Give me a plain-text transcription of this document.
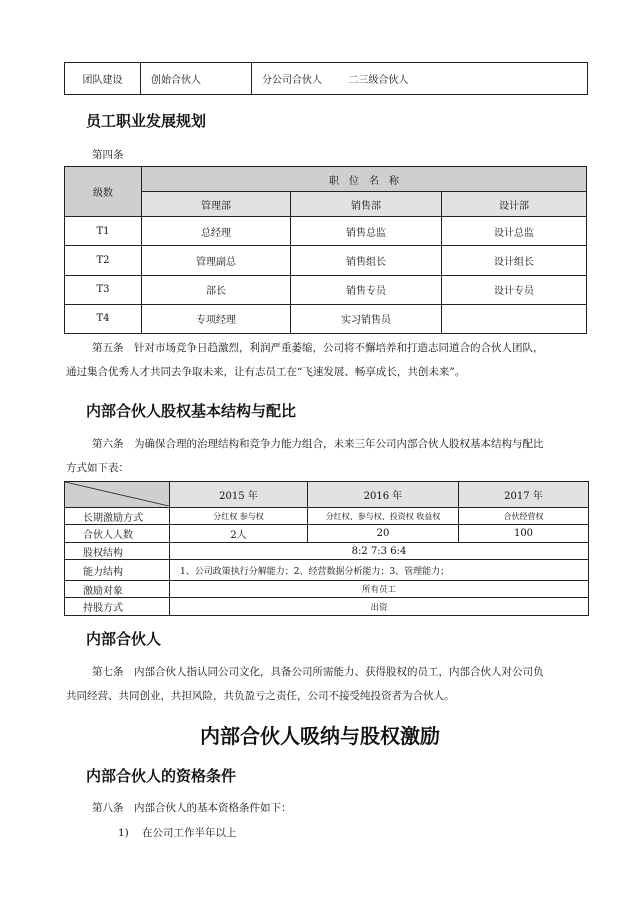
团队建设	创始合伙人	分公司合伙人	二三级合伙人
员工职业发展规划
第四条
级数	职　位　名　称		
	管理部	销售部	设计部
T1	总经理	销售总监	设计总监
T2	管理副总	销售组长	设计组长
T3	部长	销售专员	设计专员
T4	专项经理	实习销售员	
第五条　针对市场竞争日趋激烈，利润严重萎缩，公司将不懈培养和打造志同道合的合伙人团队，
通过集合优秀人才共同去争取未来，让有志员工在“飞速发展、畅享成长，共创未来”。
内部合伙人股权基本结构与配比
第六条　为确保合理的治理结构和竞争力能力组合，未来三年公司内部合伙人股权基本结构与配比
方式如下表：
	2015 年	2016 年	2017 年
长期激励方式	分红权 参与权	分红权、参与权、投资权 收益权	合伙经营权
合伙人人数	2人	20	100
股权结构	8:2 7:3 6:4		
能力结构	1、公司政策执行分解能力；2、经营数据分析能力；3、管理能力；		
激励对象	所有员工		
持股方式	出资		
内部合伙人
第七条　内部合伙人指认同公司文化，具备公司所需能力、获得股权的员工，内部合伙人对公司负
共同经营、共同创业，共担风险，共负盈亏之责任，公司不接受纯投资者为合伙人。
内部合伙人吸纳与股权激励
内部合伙人的资格条件
第八条　内部合伙人的基本资格条件如下：
1) 在公司工作半年以上
